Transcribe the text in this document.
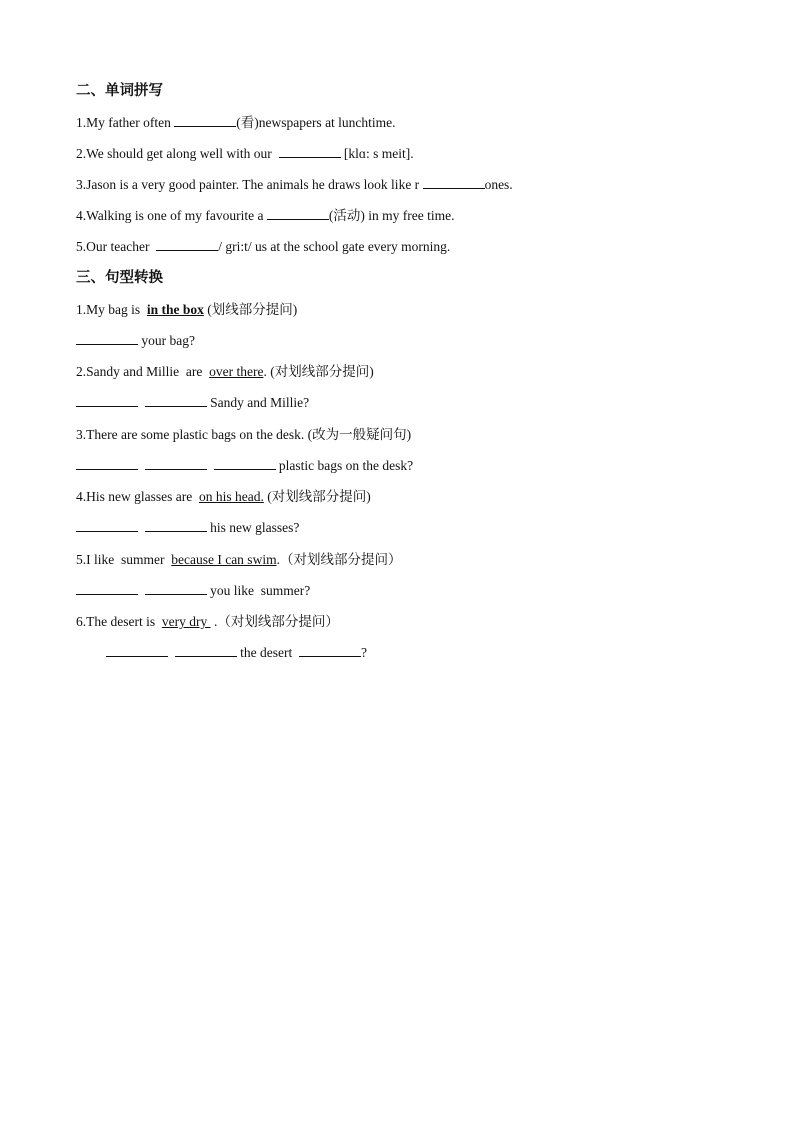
二、单词拼写
1.My father often	(看)newspapers at lunchtime.
2.We should get along well with our	[klɑ: s meit].
3.Jason is a very good painter. The animals he draws look like r	ones.
4.Walking is one of my favourite a	(活动) in my free time.
5.Our teacher	/ gri:t/ us at the school gate every morning.
三、句型转换
1.My bag is  in the box (划线部分提问)
your bag?
2.Sandy and Millie  are  over there. (对划线部分提问)
Sandy and Millie?
3.There are some plastic bags on the desk. (改为一般疑问句)
plastic bags on the desk?
4.His new glasses are  on his head. (对划线部分提问)
his new glasses?
5.I like  summer  because I can swim.（对划线部分提问）
you like  summer?
6.The desert is  very dry  .（对划线部分提问）
the desert	?
